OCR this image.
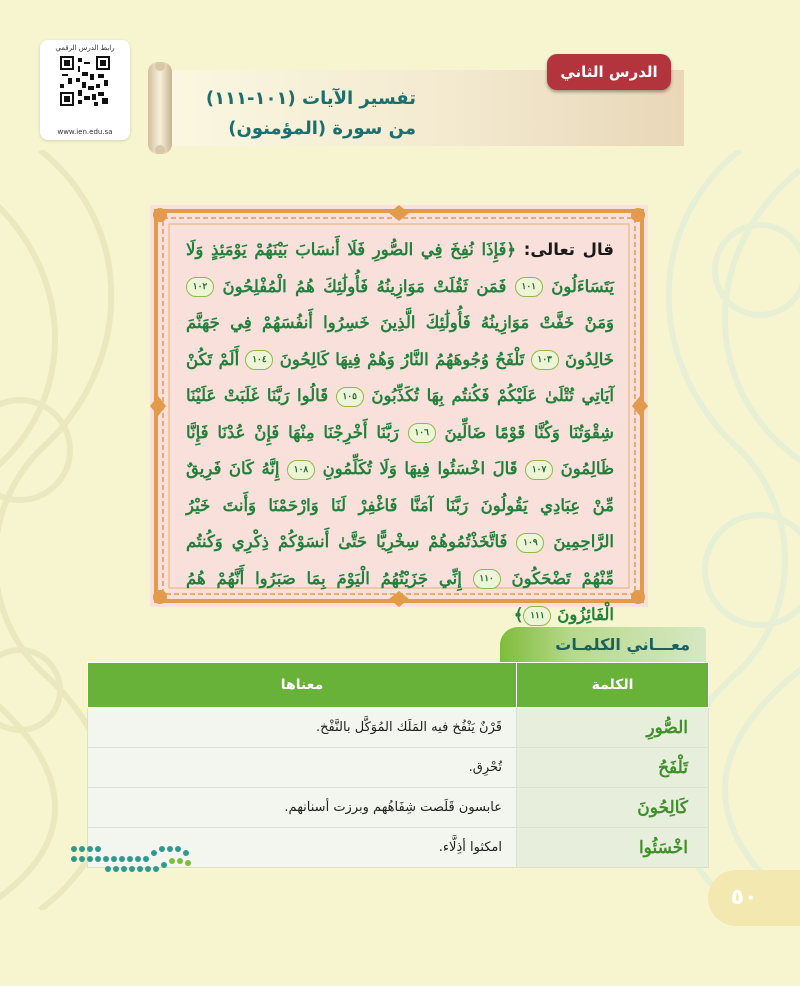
رابط الدرس الرقمي
www.ien.edu.sa
الدرس الثاني
تفسير الآيات (١٠١-١١١)
من سورة (المؤمنون)
قال تعالى: ﴿فَإِذَا نُفِخَ فِي الصُّورِ فَلَا أَنسَابَ بَيْنَهُمْ يَوْمَئِذٍ وَلَا يَتَسَاءَلُونَ ١٠١ فَمَن ثَقُلَتْ مَوَازِينُهُ فَأُولَٰئِكَ هُمُ الْمُفْلِحُونَ ١٠٢ وَمَنْ خَفَّتْ مَوَازِينُهُ فَأُولَٰئِكَ الَّذِينَ خَسِرُوا أَنفُسَهُمْ فِي جَهَنَّمَ خَالِدُونَ ١٠٣ تَلْفَحُ وُجُوهَهُمُ النَّارُ وَهُمْ فِيهَا كَالِحُونَ ١٠٤ أَلَمْ تَكُنْ آيَاتِي تُتْلَىٰ عَلَيْكُمْ فَكُنتُم بِهَا تُكَذِّبُونَ ١٠٥ قَالُوا رَبَّنَا غَلَبَتْ عَلَيْنَا شِقْوَتُنَا وَكُنَّا قَوْمًا ضَالِّينَ ١٠٦ رَبَّنَا أَخْرِجْنَا مِنْهَا فَإِنْ عُدْنَا فَإِنَّا ظَالِمُونَ ١٠٧ قَالَ اخْسَئُوا فِيهَا وَلَا تُكَلِّمُونِ ١٠٨ إِنَّهُ كَانَ فَرِيقٌ مِّنْ عِبَادِي يَقُولُونَ رَبَّنَا آمَنَّا فَاغْفِرْ لَنَا وَارْحَمْنَا وَأَنتَ خَيْرُ الرَّاحِمِينَ ١٠٩ فَاتَّخَذْتُمُوهُمْ سِخْرِيًّا حَتَّىٰ أَنسَوْكُمْ ذِكْرِي وَكُنتُم مِّنْهُمْ تَضْحَكُونَ ١١٠ إِنِّي جَزَيْتُهُمُ الْيَوْمَ بِمَا صَبَرُوا أَنَّهُمْ هُمُ الْفَائِزُونَ ١١١﴾
معـــاني الكلمـات
الكلمة	معناها
الصُّورِ	قَرْنٌ يَنْفُخ فيه المَلَك المُوَكَّل بالنَّفْخ.
تَلْفَحُ	تُحْرِق.
كَالِحُونَ	عابسون قَلَصت شِفَاهُهم وبرزت أسنانهم.
اخْسَئُوا	امكثوا أذِلَّاء.
٥٠
